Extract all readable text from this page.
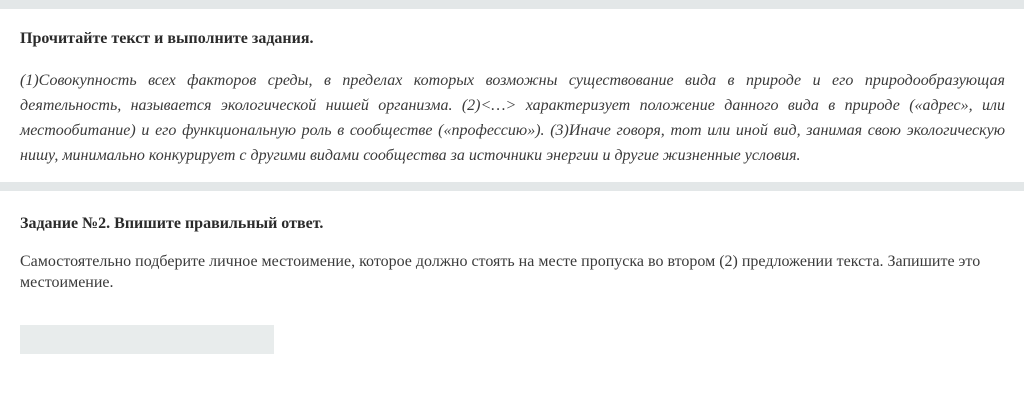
Прочитайте текст и выполните задания.

(1)Совокупность всех факторов среды, в пределах которых возможны существование вида в природе и его природообразующая деятельность, называется экологической нишей организма. (2)<…> характеризует положение данного вида в природе («адрес», или местообитание) и его функциональную роль в сообществе («профессию»). (3)Иначе говоря, тот или иной вид, занимая свою экологическую нишу, минимально конкурирует с другими видами сообщества за источники энергии и другие жизненные условия.

Задание №2. Впишите правильный ответ.

Самостоятельно подберите личное местоимение, которое должно стоять на месте пропуска во втором (2) предложении текста. Запишите это местоимение.
